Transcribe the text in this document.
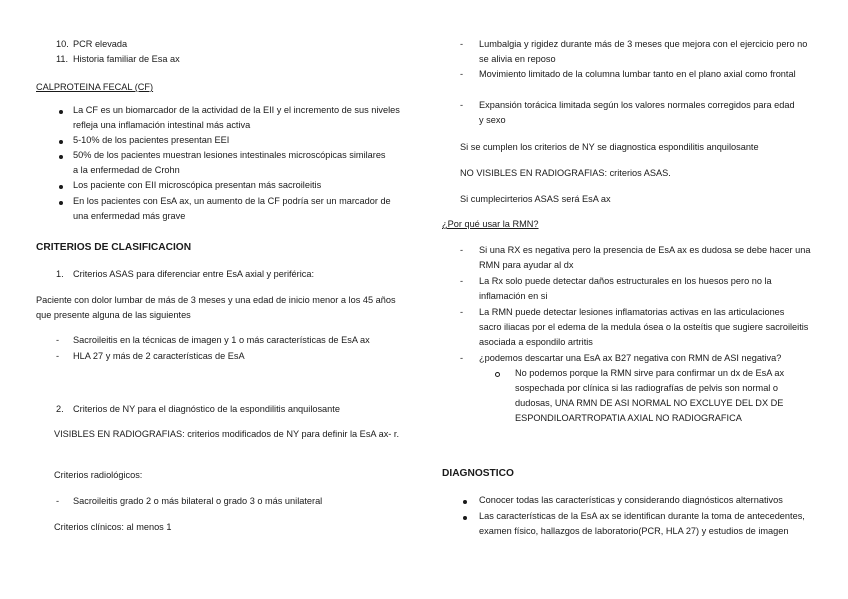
10. PCR elevada
11. Historia familiar de Esa ax
CALPROTEINA FECAL (CF)
La CF es un biomarcador de la actividad de la EII y el incremento de sus niveles refleja una inflamación intestinal más activa
5-10% de los pacientes presentan EEI
50% de los pacientes muestran lesiones intestinales microscópicas similares a la enfermedad de Crohn
Los paciente con EII microscópica presentan más sacroileitis
En los pacientes con EsA ax, un aumento de la CF podría ser un marcador de una enfermedad más grave
CRITERIOS DE CLASIFICACION
1. Criterios ASAS para diferenciar entre EsA axial y periférica:
Paciente con dolor lumbar de más de 3 meses y una edad de inicio menor a los 45 años que presente alguna de las siguientes
- Sacroileitis en la técnicas de imagen y 1 o más características de EsA ax
- HLA 27 y más de 2 características de EsA
2. Criterios de NY para el diagnóstico de la espondilitis anquilosante
VISIBLES EN RADIOGRAFIAS: criterios modificados de NY para definir la EsA ax- r.
Criterios radiológicos:
- Sacroileitis grado 2 o más bilateral o grado 3 o más unilateral
Criterios clínicos: al menos 1
- Lumbalgia y rigidez durante más de 3 meses que mejora con el ejercicio pero no se alivia en reposo
- Movimiento limitado de la columna lumbar tanto en el plano axial como frontal
- Expansión torácica limitada según los valores normales corregidos para edad y sexo
Si se cumplen los criterios de NY se diagnostica espondilitis anquilosante
NO VISIBLES EN RADIOGRAFIAS: criterios ASAS.
Si cumplecirterios ASAS será EsA ax
¿Por qué usar la RMN?
- Si una RX es negativa pero la presencia de EsA ax es dudosa se debe hacer una RMN para ayudar al dx
- La Rx solo puede detectar daños estructurales en los huesos pero no la inflamación en si
- La RMN puede detectar lesiones inflamatorias activas en las articulaciones sacro iliacas por el edema de la medula ósea o la osteítis que sugiere sacroileitis asociada a espondilo artritis
- ¿podemos descartar una EsA ax B27 negativa con RMN de ASI negativa?
No podemos porque la RMN sirve para confirmar un dx de EsA ax sospechada por clínica si las radiografías de pelvis son normal o dudosas, UNA RMN DE ASI NORMAL NO EXCLUYE DEL DX DE ESPONDILOARTROPATIA AXIAL NO RADIOGRAFICA
DIAGNOSTICO
Conocer todas las características y considerando diagnósticos alternativos
Las características de la EsA ax se identifican durante la toma de antecedentes, examen físico, hallazgos de laboratorio(PCR, HLA 27) y estudios de imagen
